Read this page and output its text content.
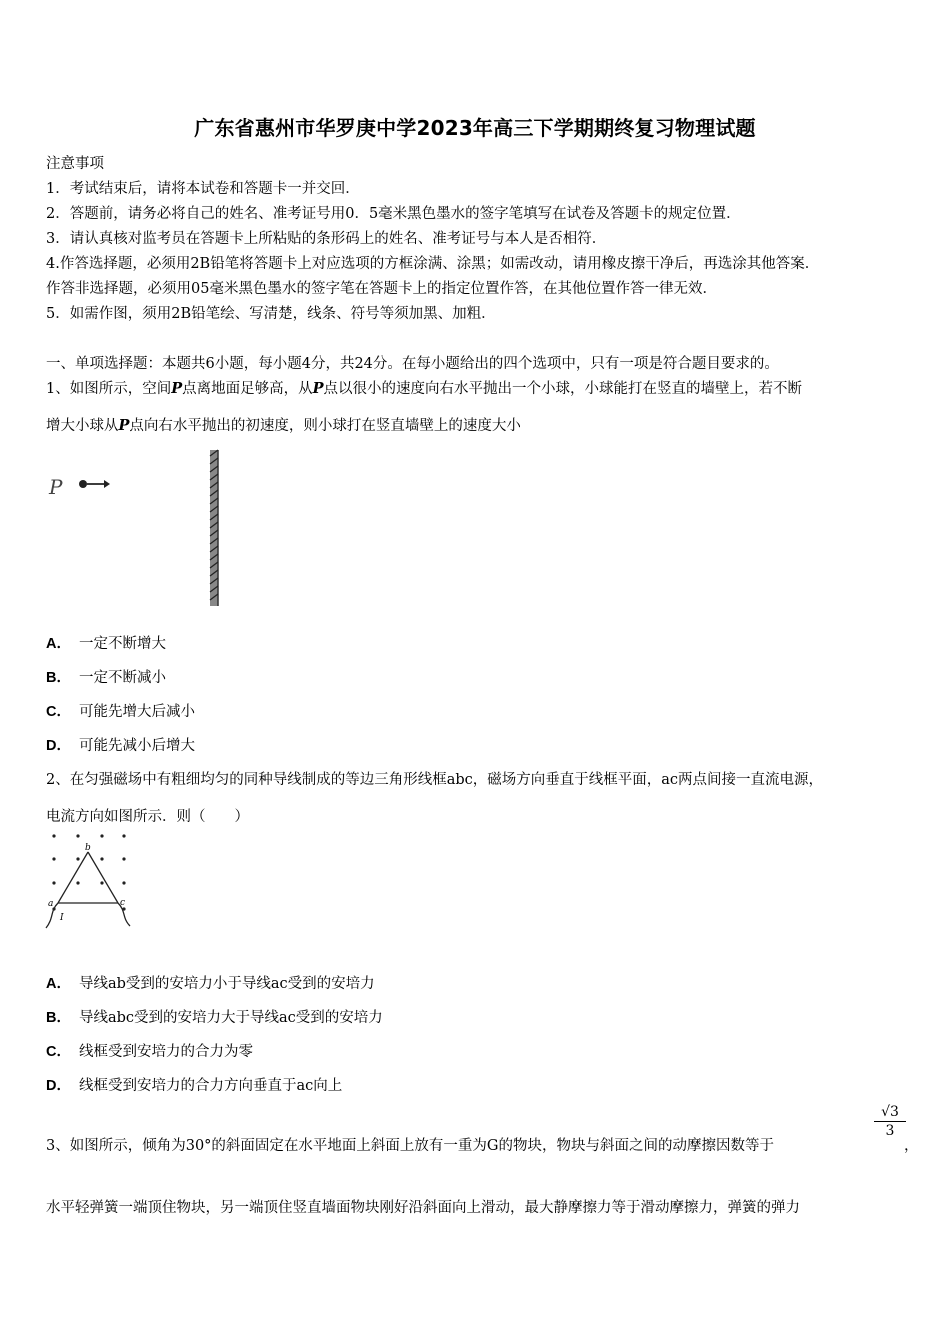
广东省惠州市华罗庚中学2023年高三下学期期终复习物理试题
注意事项
1．考试结束后，请将本试卷和答题卡一并交回．
2．答题前，请务必将自己的姓名、准考证号用0．5毫米黑色墨水的签字笔填写在试卷及答题卡的规定位置．
3．请认真核对监考员在答题卡上所粘贴的条形码上的姓名、准考证号与本人是否相符．
4.作答选择题，必须用2B铅笔将答题卡上对应选项的方框涂满、涂黑；如需改动，请用橡皮擦干净后，再选涂其他答案．
作答非选择题，必须用05毫米黑色墨水的签字笔在答题卡上的指定位置作答，在其他位置作答一律无效．
5．如需作图，须用2B铅笔绘、写清楚，线条、符号等须加黑、加粗．
一、单项选择题：本题共6小题，每小题4分，共24分。在每小题给出的四个选项中，只有一项是符合题目要求的。
1、如图所示，空间P点离地面足够高，从P点以很小的速度向右水平抛出一个小球，小球能打在竖直的墙壁上，若不断
增大小球从P点向右水平抛出的初速度，则小球打在竖直墙壁上的速度大小
P
A． 一定不断增大
B． 一定不断减小
C． 可能先增大后减小
D． 可能先减小后增大
2、在匀强磁场中有粗细均匀的同种导线制成的等边三角形线框abc，磁场方向垂直于线框平面，ac两点间接一直流电源，
电流方向如图所示．则（　　）
b
a	c
I
A． 导线ab受到的安培力小于导线ac受到的安培力
B． 导线abc受到的安培力大于导线ac受到的安培力
C． 线框受到安培力的合力为零
D． 线框受到安培力的合力方向垂直于ac向上
3、如图所示，倾角为30°的斜面固定在水平地面上斜面上放有一重为G的物块，物块与斜面之间的动摩擦因数等于
$\frac{√3}{3}$
，
水平轻弹簧一端顶住物块，另一端顶住竖直墙面物块刚好沿斜面向上滑动，最大静摩擦力等于滑动摩擦力，弹簧的弹力
